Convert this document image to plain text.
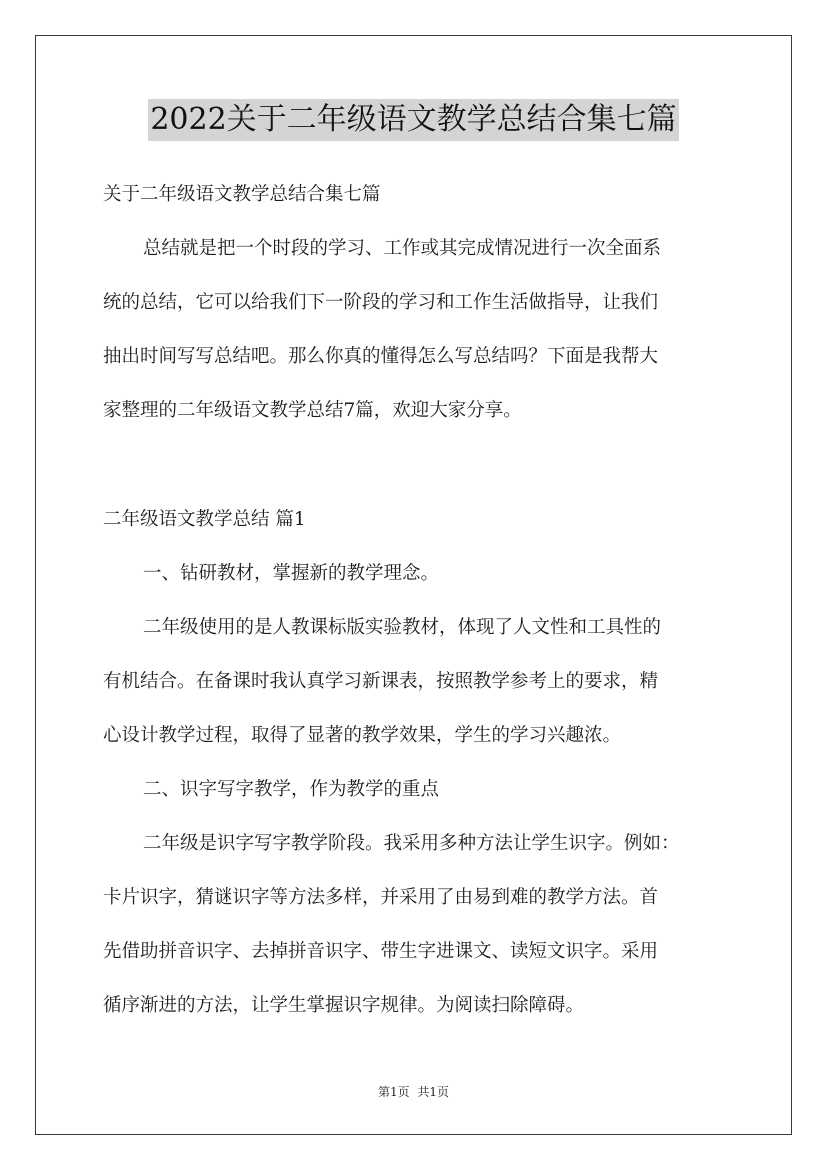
2022关于二年级语文教学总结合集七篇
关于二年级语文教学总结合集七篇
总结就是把一个时段的学习、工作或其完成情况进行一次全面系
统的总结，它可以给我们下一阶段的学习和工作生活做指导，让我们
抽出时间写写总结吧。那么你真的懂得怎么写总结吗？下面是我帮大
家整理的二年级语文教学总结7篇，欢迎大家分享。
二年级语文教学总结 篇1
一、钻研教材，掌握新的教学理念。
二年级使用的是人教课标版实验教材，体现了人文性和工具性的
有机结合。在备课时我认真学习新课表，按照教学参考上的要求，精
心设计教学过程，取得了显著的教学效果，学生的学习兴趣浓。
二、识字写字教学，作为教学的重点
二年级是识字写字教学阶段。我采用多种方法让学生识字。例如：
卡片识字，猜谜识字等方法多样，并采用了由易到难的教学方法。首
先借助拼音识字、去掉拼音识字、带生字进课文、读短文识字。采用
循序渐进的方法，让学生掌握识字规律。为阅读扫除障碍。
第1页 共1页
